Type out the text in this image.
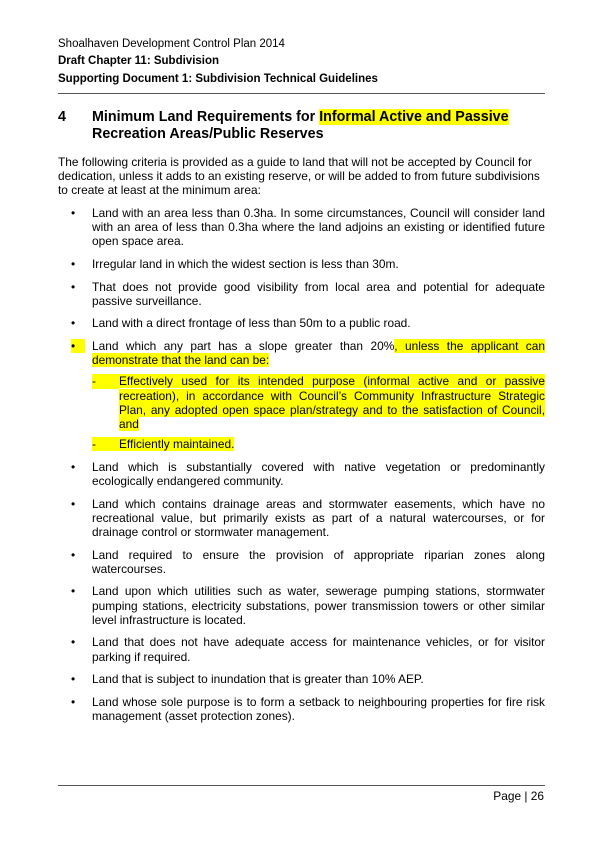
Shoalhaven Development Control Plan 2014
Draft Chapter 11: Subdivision
Supporting Document 1: Subdivision Technical Guidelines
4 Minimum Land Requirements for Informal Active and Passive
Recreation Areas/Public Reserves
The following criteria is provided as a guide to land that will not be accepted by Council for dedication, unless it adds to an existing reserve, or will be added to from future subdivisions to create at least at the minimum area:
•	Land with an area less than 0.3ha. In some circumstances, Council will consider land with an area of less than 0.3ha where the land adjoins an existing or identified future open space area.
•	Irregular land in which the widest section is less than 30m.
•	That does not provide good visibility from local area and potential for adequate passive surveillance.
•	Land with a direct frontage of less than 50m to a public road.
•	Land which any part has a slope greater than 20%, unless the applicant can demonstrate that the land can be:
-	Effectively used for its intended purpose (informal active and or passive recreation), in accordance with Council’s Community Infrastructure Strategic Plan, any adopted open space plan/strategy and to the satisfaction of Council, and
-	Efficiently maintained.
•	Land which is substantially covered with native vegetation or predominantly ecologically endangered community.
•	Land which contains drainage areas and stormwater easements, which have no recreational value, but primarily exists as part of a natural watercourses, or for drainage control or stormwater management.
•	Land required to ensure the provision of appropriate riparian zones along watercourses.
•	Land upon which utilities such as water, sewerage pumping stations, stormwater pumping stations, electricity substations, power transmission towers or other similar level infrastructure is located.
•	Land that does not have adequate access for maintenance vehicles, or for visitor parking if required.
•	Land that is subject to inundation that is greater than 10% AEP.
•	Land whose sole purpose is to form a setback to neighbouring properties for fire risk management (asset protection zones).
Page | 26
